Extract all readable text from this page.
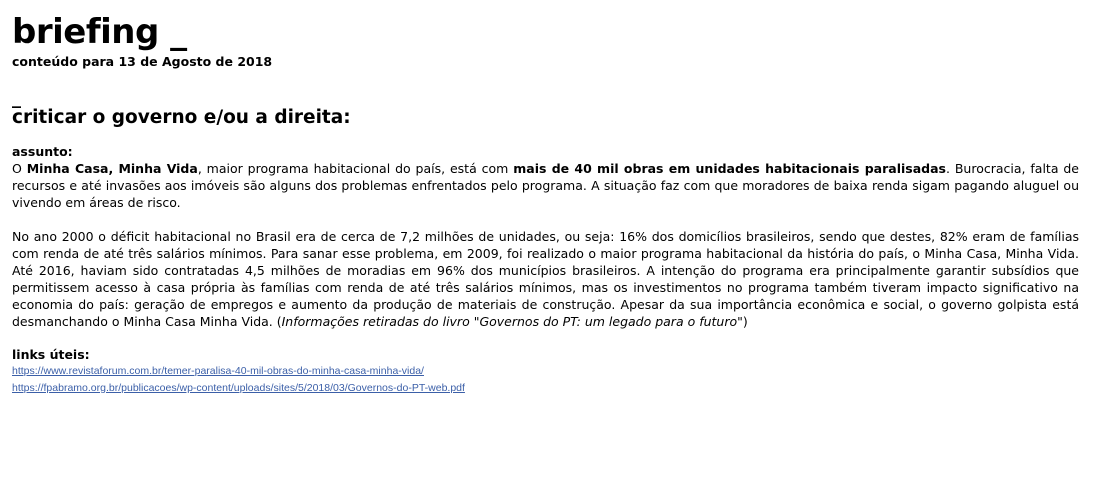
briefing _
conteúdo para 13 de Agosto de 2018
_
criticar o governo e/ou a direita:
assunto:

O Minha Casa, Minha Vida, maior programa habitacional do país, está com mais de 40 mil obras em unidades habitacionais paralisadas. Burocracia, falta de recursos e até invasões aos imóveis são alguns dos problemas enfrentados pelo programa. A situação faz com que moradores de baixa renda sigam pagando aluguel ou vivendo em áreas de risco.

No ano 2000 o déficit habitacional no Brasil era de cerca de 7,2 milhões de unidades, ou seja: 16% dos domicílios brasileiros, sendo que destes, 82% eram de famílias com renda de até três salários mínimos. Para sanar esse problema, em 2009, foi realizado o maior programa habitacional da história do país, o Minha Casa, Minha Vida. Até 2016, haviam sido contratadas 4,5 milhões de moradias em 96% dos municípios brasileiros. A intenção do programa era principalmente garantir subsídios que permitissem acesso à casa própria às famílias com renda de até três salários mínimos, mas os investimentos no programa também tiveram impacto significativo na economia do país: geração de empregos e aumento da produção de materiais de construção. Apesar da sua importância econômica e social, o governo golpista está desmanchando o Minha Casa Minha Vida. (Informações retiradas do livro "Governos do PT: um legado para o futuro")

links úteis:
https://www.revistaforum.com.br/temer-paralisa-40-mil-obras-do-minha-casa-minha-vida/
https://fpabramo.org.br/publicacoes/wp-content/uploads/sites/5/2018/03/Governos-do-PT-web.pdf
